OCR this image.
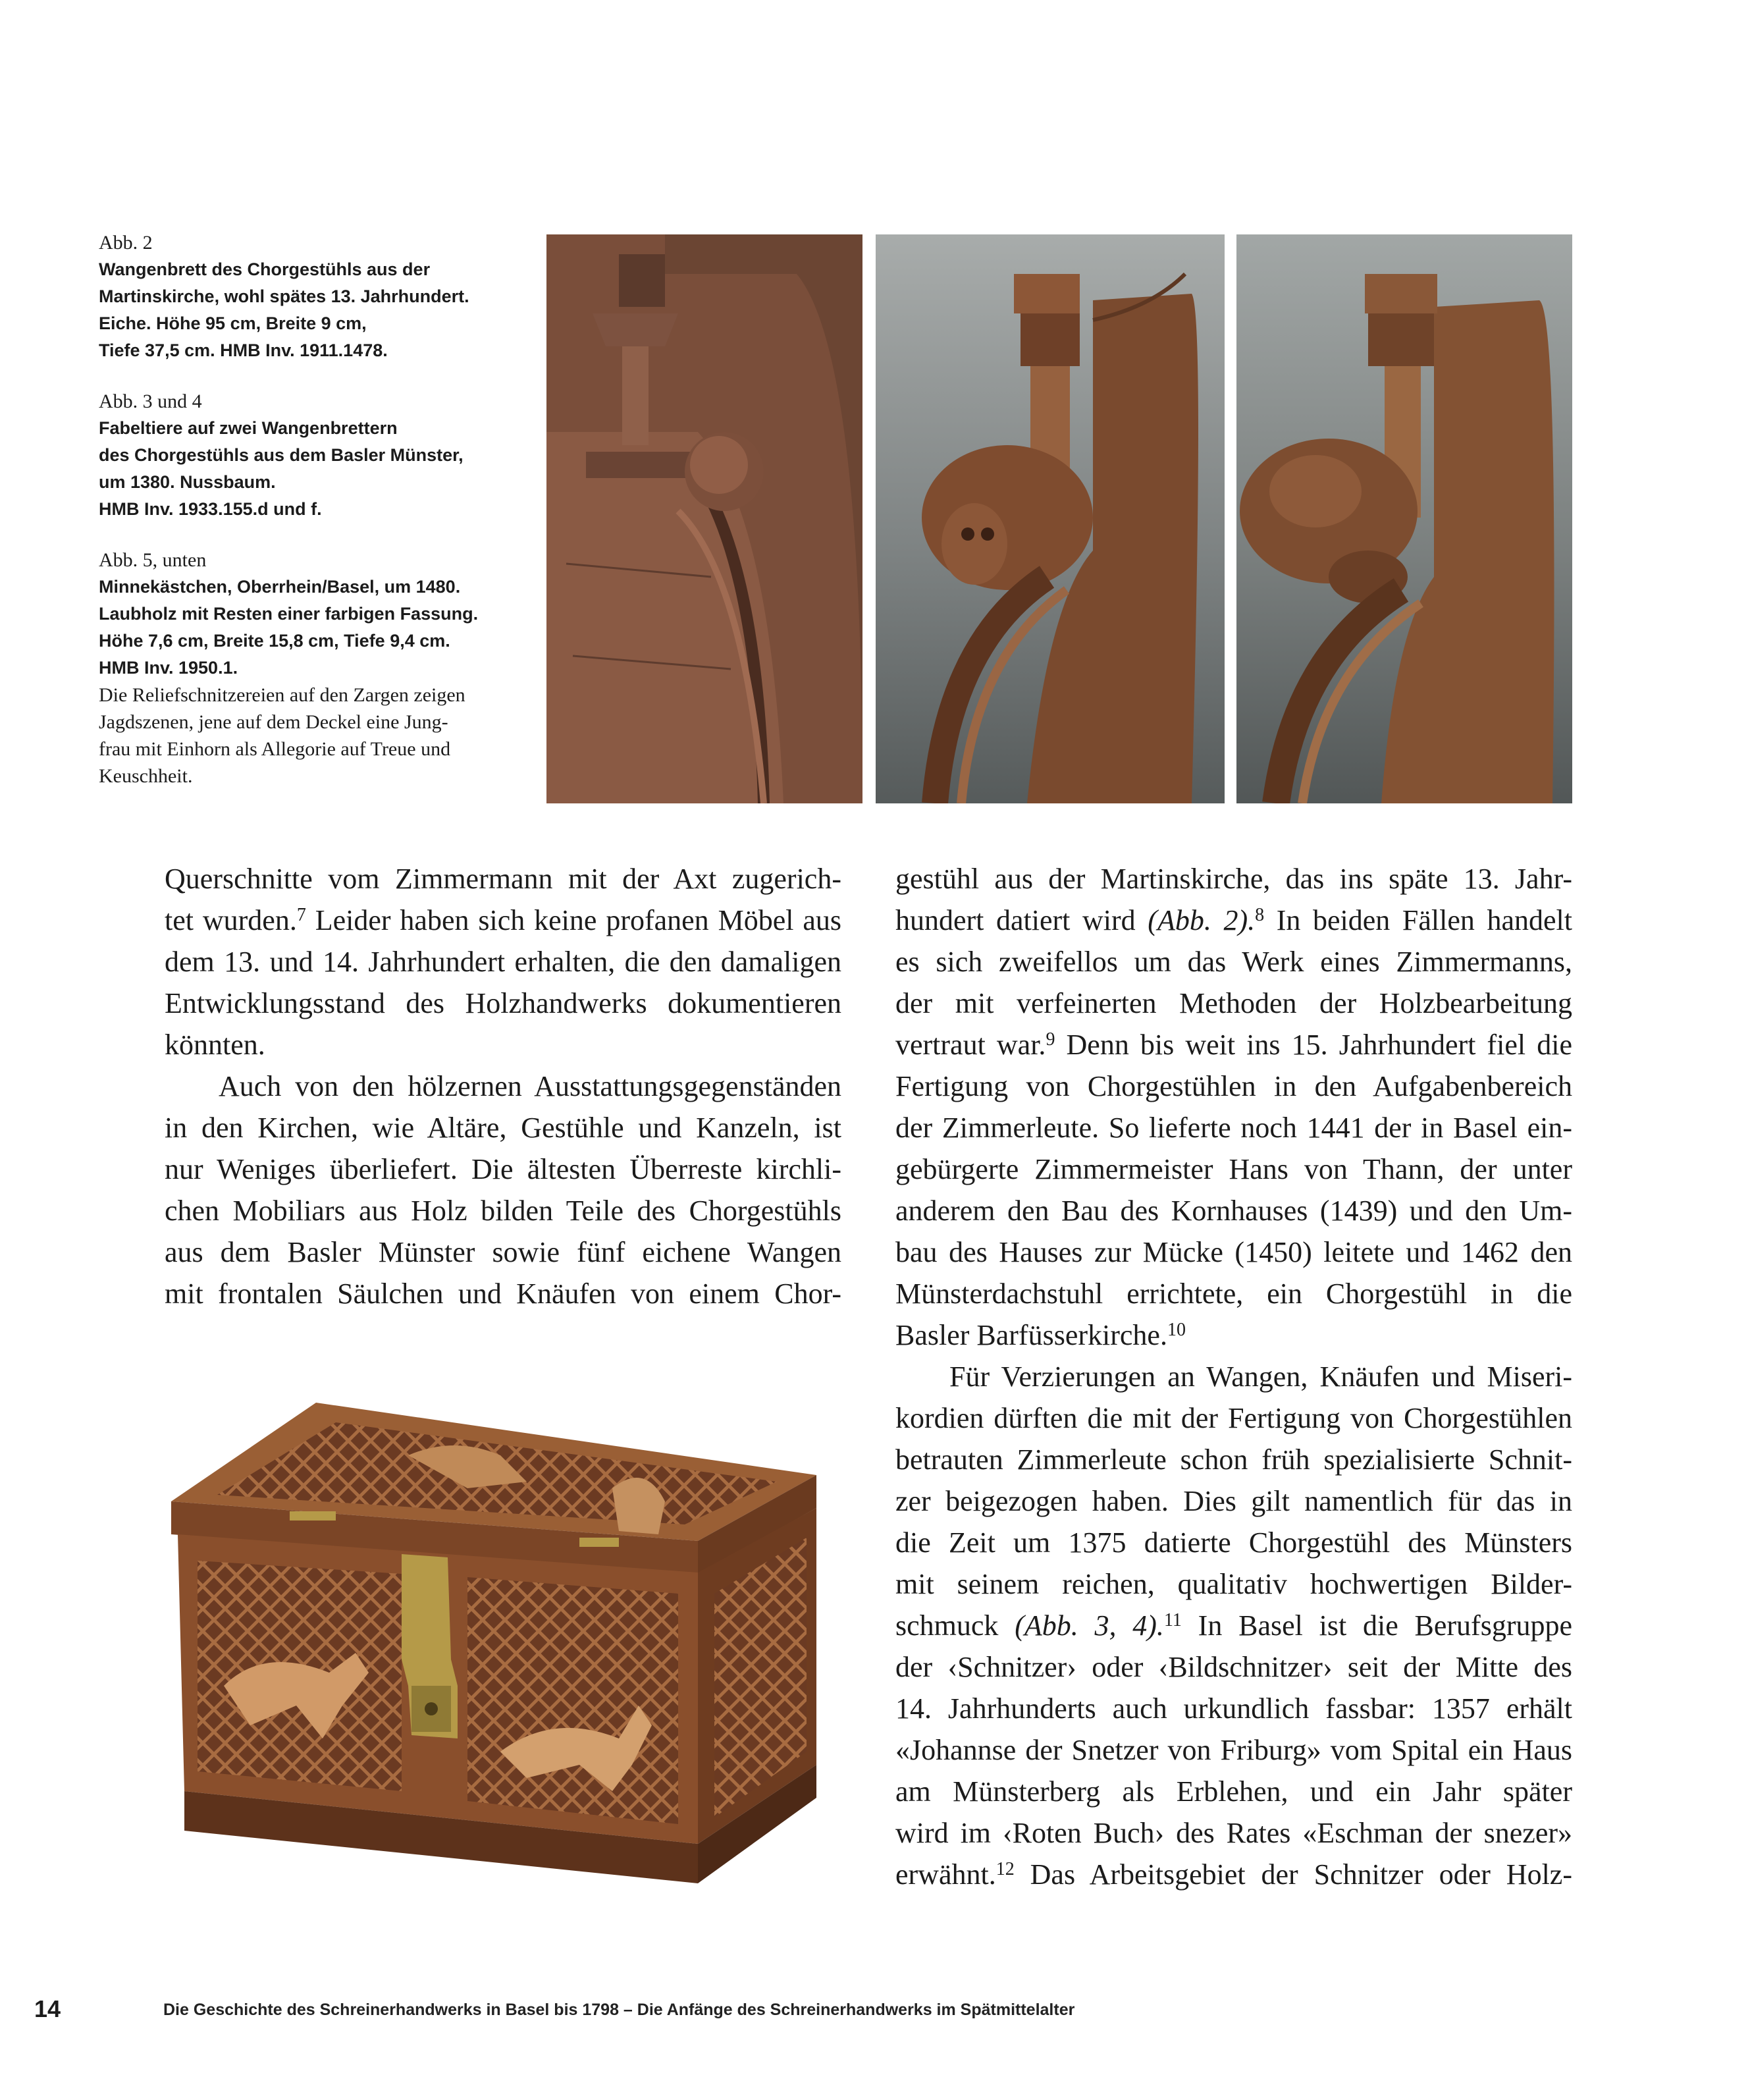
Abb. 2

Wangenbrett des Chorgestühls aus der
Martinskirche, wohl spätes 13. Jahrhundert.
Eiche. Höhe 95 cm, Breite 9 cm,
Tiefe 37,5 cm. HMB Inv. 1911.1478.

Abb. 3 und 4

Fabeltiere auf zwei Wangenbrettern
des Chorgestühls aus dem Basler Münster,
um 1380. Nussbaum.
HMB Inv. 1933.155.d und f.

Abb. 5, unten

Minnekästchen, Oberrhein/Basel, um 1480.
Laubholz mit Resten einer farbigen Fassung.
Höhe 7,6 cm, Breite 15,8 cm, Tiefe 9,4 cm.
HMB Inv. 1950.1.

Die Reliefschnitzereien auf den Zargen zeigen
Jagdszenen, jene auf dem Deckel eine Jung-
frau mit Einhorn als Allegorie auf Treue und
Keuschheit.

Querschnitte vom Zimmermann mit der Axt zugerich-
tet wurden.$^7$ Leider haben sich keine profanen Möbel aus
dem 13. und 14. Jahrhundert erhalten, die den damaligen
Entwicklungsstand des Holzhandwerks dokumentieren
könnten.

Auch von den hölzernen Ausstattungsgegenständen
in den Kirchen, wie Altäre, Gestühle und Kanzeln, ist
nur Weniges überliefert. Die ältesten Überreste kirchli-
chen Mobiliars aus Holz bilden Teile des Chorgestühls
aus dem Basler Münster sowie fünf eichene Wangen
mit frontalen Säulchen und Knäufen von einem Chor-

gestühl aus der Martinskirche, das ins späte 13. Jahr-
hundert datiert wird (Abb. 2).$^8$ In beiden Fällen handelt
es sich zweifellos um das Werk eines Zimmermanns,
der mit verfeinerten Methoden der Holzbearbeitung
vertraut war.$^9$ Denn bis weit ins 15. Jahrhundert fiel die
Fertigung von Chorgestühlen in den Aufgabenbereich
der Zimmerleute. So lieferte noch 1441 der in Basel ein-
gebürgerte Zimmermeister Hans von Thann, der unter
anderem den Bau des Kornhauses (1439) und den Um-
bau des Hauses zur Mücke (1450) leitete und 1462 den
Münsterdachstuhl errichtete, ein Chorgestühl in die
Basler Barfüsserkirche.$^{10}$

Für Verzierungen an Wangen, Knäufen und Miseri-
kordien dürften die mit der Fertigung von Chorgestühlen
betrauten Zimmerleute schon früh spezialisierte Schnit-
zer beigezogen haben. Dies gilt namentlich für das in
die Zeit um 1375 datierte Chorgestühl des Münsters
mit seinem reichen, qualitativ hochwertigen Bilder-
schmuck (Abb. 3, 4).$^{11}$ In Basel ist die Berufsgruppe
der ‹Schnitzer› oder ‹Bildschnitzer› seit der Mitte des
14. Jahrhunderts auch urkundlich fassbar: 1357 erhält
«Johannse der Snetzer von Friburg» vom Spital ein Haus
am Münsterberg als Erblehen, und ein Jahr später
wird im ‹Roten Buch› des Rates «Eschman der snezer»
erwähnt.$^{12}$ Das Arbeitsgebiet der Schnitzer oder Holz-

14	Die Geschichte des Schreinerhandwerks in Basel bis 1798 – Die Anfänge des Schreinerhandwerks im Spätmittelalter
